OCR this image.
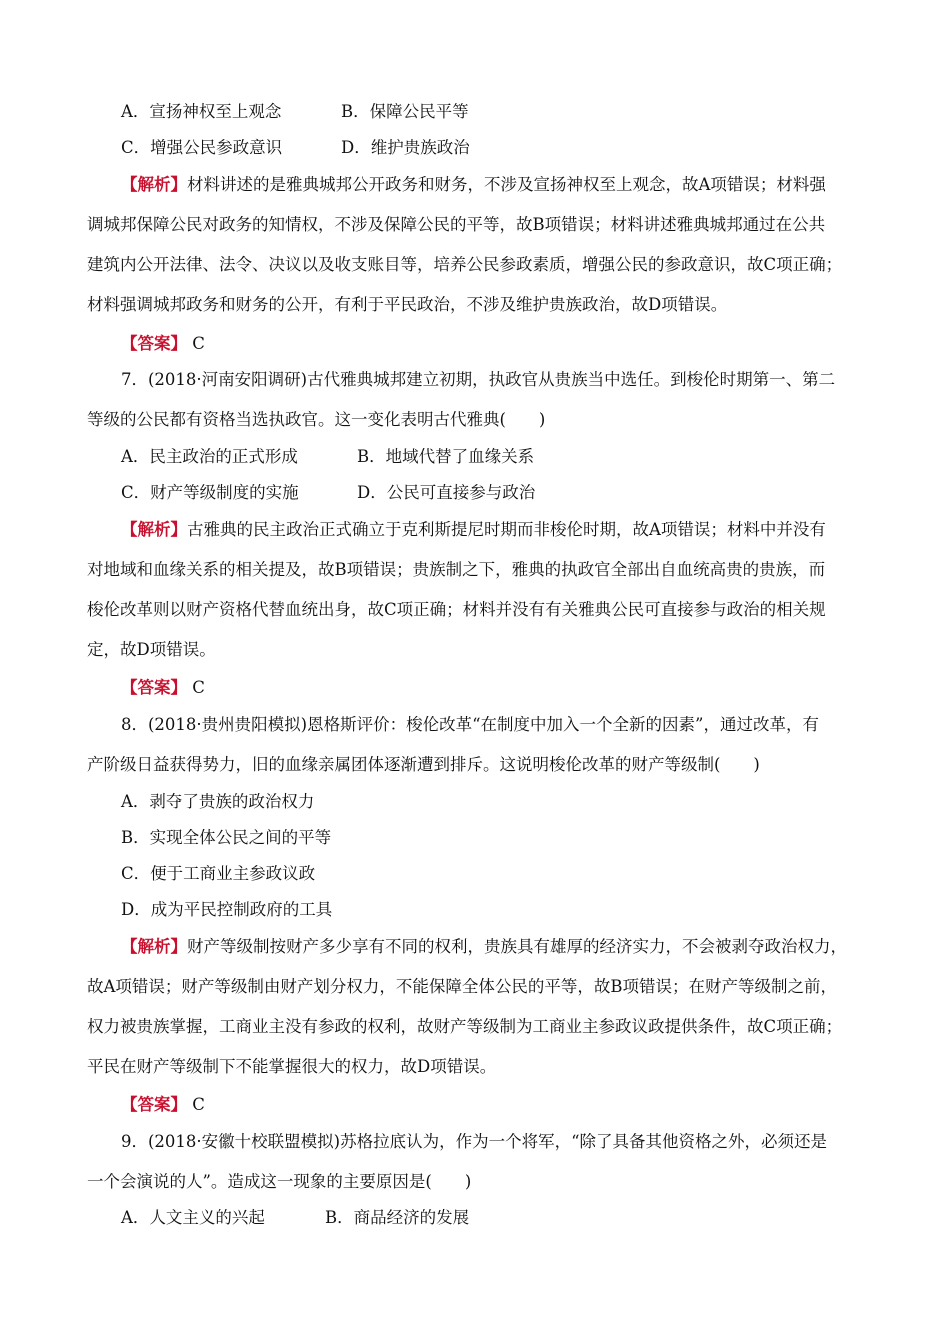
A．宣扬神权至上观念	B．保障公民平等
C．增强公民参政意识	D．维护贵族政治
【解析】材料讲述的是雅典城邦公开政务和财务，不涉及宣扬神权至上观念，故A项错误；材料强
调城邦保障公民对政务的知情权，不涉及保障公民的平等，故B项错误；材料讲述雅典城邦通过在公共
建筑内公开法律、法令、决议以及收支账目等，培养公民参政素质，增强公民的参政意识，故C项正确；
材料强调城邦政务和财务的公开，有利于平民政治，不涉及维护贵族政治，故D项错误。
【答案】 C
7．(2018·河南安阳调研)古代雅典城邦建立初期，执政官从贵族当中选任。到梭伦时期第一、第二
等级的公民都有资格当选执政官。这一变化表明古代雅典(　　)
A．民主政治的正式形成	B．地域代替了血缘关系
C．财产等级制度的实施	D．公民可直接参与政治
【解析】古雅典的民主政治正式确立于克利斯提尼时期而非梭伦时期，故A项错误；材料中并没有
对地域和血缘关系的相关提及，故B项错误；贵族制之下，雅典的执政官全部出自血统高贵的贵族，而
梭伦改革则以财产资格代替血统出身，故C项正确；材料并没有有关雅典公民可直接参与政治的相关规
定，故D项错误。
【答案】 C
8．(2018·贵州贵阳模拟)恩格斯评价：梭伦改革“在制度中加入一个全新的因素”，通过改革，有
产阶级日益获得势力，旧的血缘亲属团体逐渐遭到排斥。这说明梭伦改革的财产等级制(　　)
A．剥夺了贵族的政治权力
B．实现全体公民之间的平等
C．便于工商业主参政议政
D．成为平民控制政府的工具
【解析】财产等级制按财产多少享有不同的权利，贵族具有雄厚的经济实力，不会被剥夺政治权力，
故A项错误；财产等级制由财产划分权力，不能保障全体公民的平等，故B项错误；在财产等级制之前，
权力被贵族掌握，工商业主没有参政的权利，故财产等级制为工商业主参政议政提供条件，故C项正确；
平民在财产等级制下不能掌握很大的权力，故D项错误。
【答案】 C
9．(2018·安徽十校联盟模拟)苏格拉底认为，作为一个将军，“除了具备其他资格之外，必须还是
一个会演说的人”。造成这一现象的主要原因是(　　)
A．人文主义的兴起	B．商品经济的发展
